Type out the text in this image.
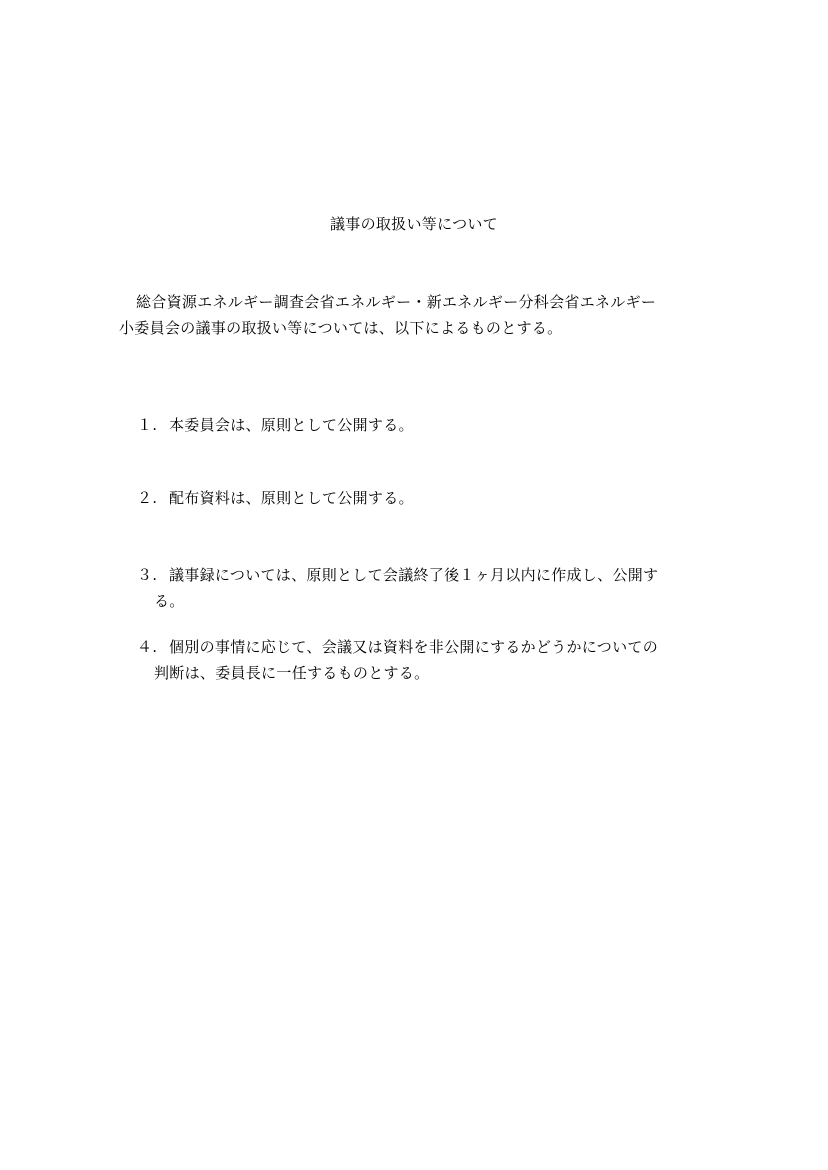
議事の取扱い等について
総合資源エネルギー調査会省エネルギー・新エネルギー分科会省エネルギー
小委員会の議事の取扱い等については、以下によるものとする。
１. 本委員会は、原則として公開する。
２. 配布資料は、原則として公開する。
３. 議事録については、原則として会議終了後１ヶ月以内に作成し、公開す
る。
４. 個別の事情に応じて、会議又は資料を非公開にするかどうかについての
判断は、委員長に一任するものとする。
